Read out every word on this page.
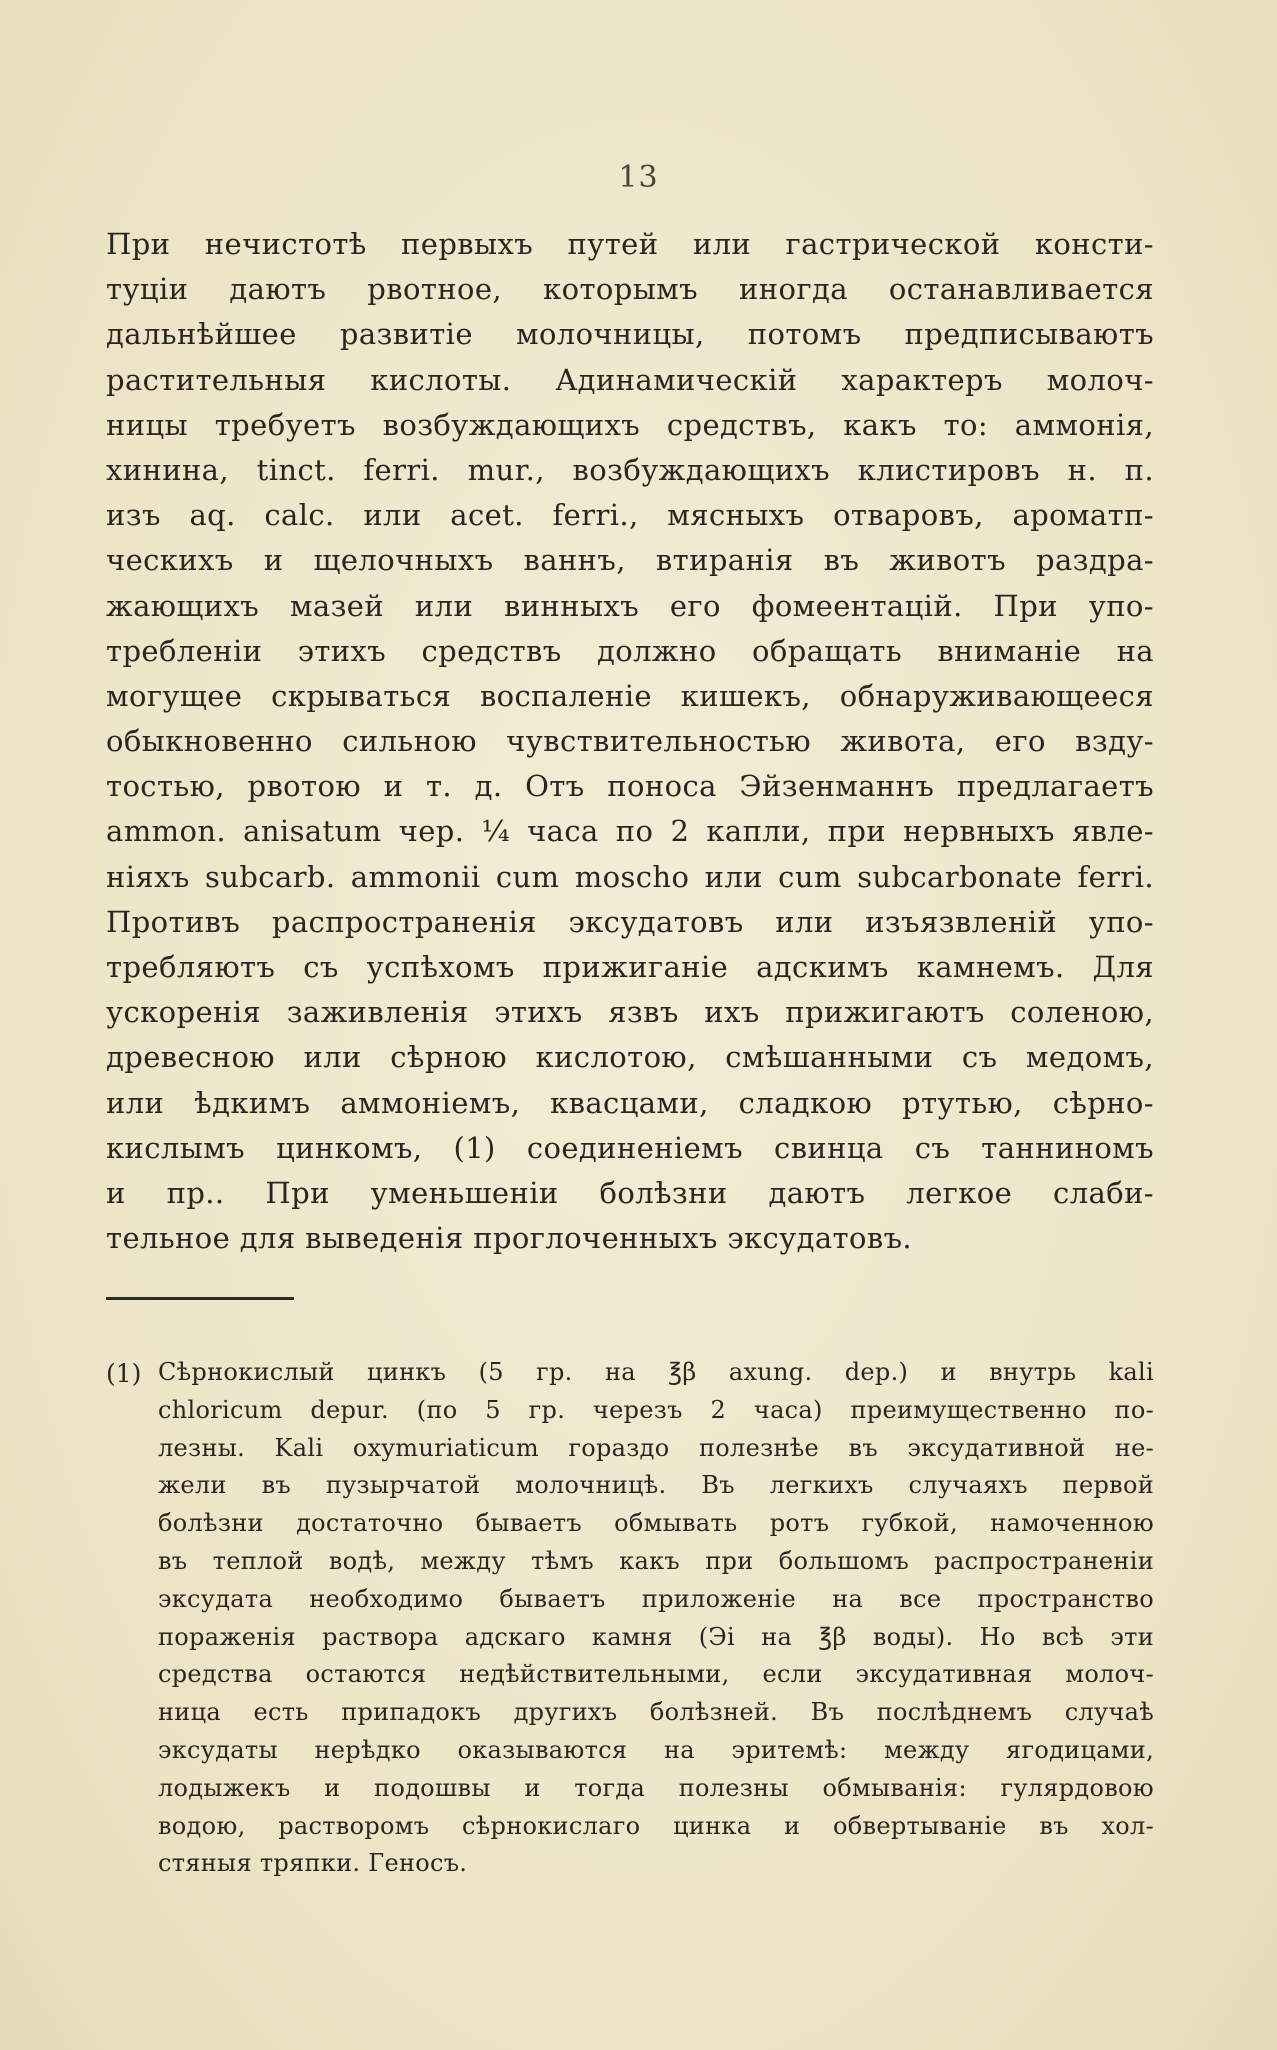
13
При нечистотѣ первыхъ путей или гастрической консти-
туціи даютъ рвотное, которымъ иногда останавливается
дальнѣйшее развитіе молочницы, потомъ предписываютъ
растительныя кислоты. Адинамическій характеръ молоч-
ницы требуетъ возбуждающихъ средствъ, какъ то: аммонія,
хинина, tinct. ferri. mur., возбуждающихъ клистировъ н. п.
изъ aq. calc. или acet. ferri., мясныхъ отваровъ, ароматп-
ческихъ и щелочныхъ ваннъ, втиранія въ животъ раздра-
жающихъ мазей или винныхъ его фомеентацій. При упо-
требленіи этихъ средствъ должно обращать вниманіе на
могущее скрываться воспаленіе кишекъ, обнаруживающееся
обыкновенно сильною чувствительностью живота, его взду-
тостью, рвотою и т. д. Отъ поноса Эйзенманнъ предлагаетъ
ammon. anisatum чер. ¼ часа по 2 капли, при нервныхъ явле-
ніяхъ subcarb. ammonii cum moscho или cum subcarbonate ferri.
Противъ распространенія эксудатовъ или изъязвленій упо-
требляютъ съ успѣхомъ прижиганіе адскимъ камнемъ. Для
ускоренія заживленія этихъ язвъ ихъ прижигаютъ соленою,
древесною или сѣрною кислотою, смѣшанными съ медомъ,
или ѣдкимъ аммоніемъ, квасцами, сладкою ртутью, сѣрно-
кислымъ цинкомъ, (1) соединеніемъ свинца съ танниномъ
и пр.. При уменьшеніи болѣзни даютъ легкое слаби-
тельное для выведенія проглоченныхъ эксудатовъ.
(1) Сѣрнокислый цинкъ (5 гр. на ℥β axung. dep.) и внутрь kali
chloricum depur. (по 5 гр. черезъ 2 часа) преимущественно по-
лезны. Kali oxymuriaticum гораздо полезнѣе въ эксудативной не-
жели въ пузырчатой молочницѣ. Въ легкихъ случаяхъ первой
болѣзни достаточно бываетъ обмывать ротъ губкой, намоченною
въ теплой водѣ, между тѣмъ какъ при большомъ распространеніи
эксудата необходимо бываетъ приложеніе на все пространство
пораженія раствора адскаго камня (Эі на ℥β воды). Но всѣ эти
средства остаются недѣйствительными, если эксудативная молоч-
ница есть припадокъ другихъ болѣзней. Въ послѣднемъ случаѣ
эксудаты нерѣдко оказываются на эритемѣ: между ягодицами,
лодыжекъ и подошвы и тогда полезны обмыванія: гулярдовою
водою, растворомъ сѣрнокислаго цинка и обвертываніе въ хол-
стяныя тряпки. Геносъ.
